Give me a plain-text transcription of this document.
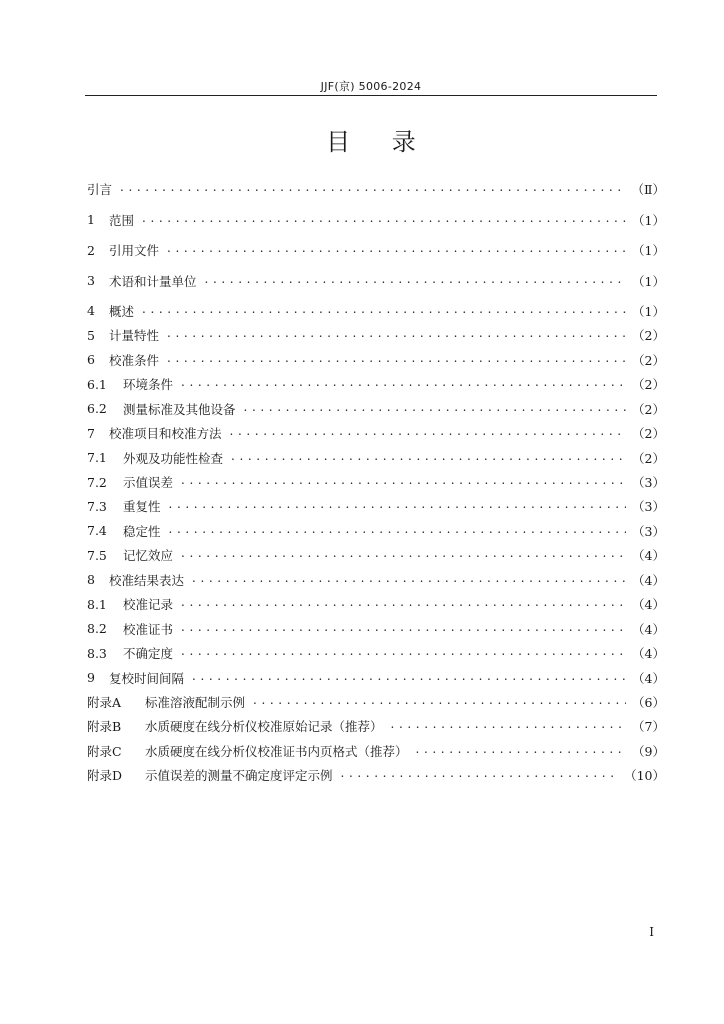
JJF(京) 5006-2024
目 录
引言 . . .	（Ⅱ）
1	范围 . . .	（1）
2	引用文件 . . .	（1）
3	术语和计量单位 . . .	（1）
4	概述 . . .	（1）
5	计量特性 . . .	（2）
6	校准条件 . . .	（2）
6.1	环境条件 . . .	（2）
6.2	测量标准及其他设备 . . .	（2）
7	校准项目和校准方法 . . .	（2）
7.1	外观及功能性检查 . . .	（2）
7.2	示值误差 . . .	（3）
7.3	重复性 . . .	（3）
7.4	稳定性 . . .	（3）
7.5	记忆效应 . . .	（4）
8	校准结果表达 . . .	（4）
8.1	校准记录 . . .	（4）
8.2	校准证书 . . .	（4）
8.3	不确定度 . . .	（4）
9	复校时间间隔 . . .	（4）
附录A	标准溶液配制示例 . . .	（6）
附录B	水质硬度在线分析仪校准原始记录（推荐） . . .	（7）
附录C	水质硬度在线分析仪校准证书内页格式（推荐） . . .	（9）
附录D	示值误差的测量不确定度评定示例 . . .	（10）
I
